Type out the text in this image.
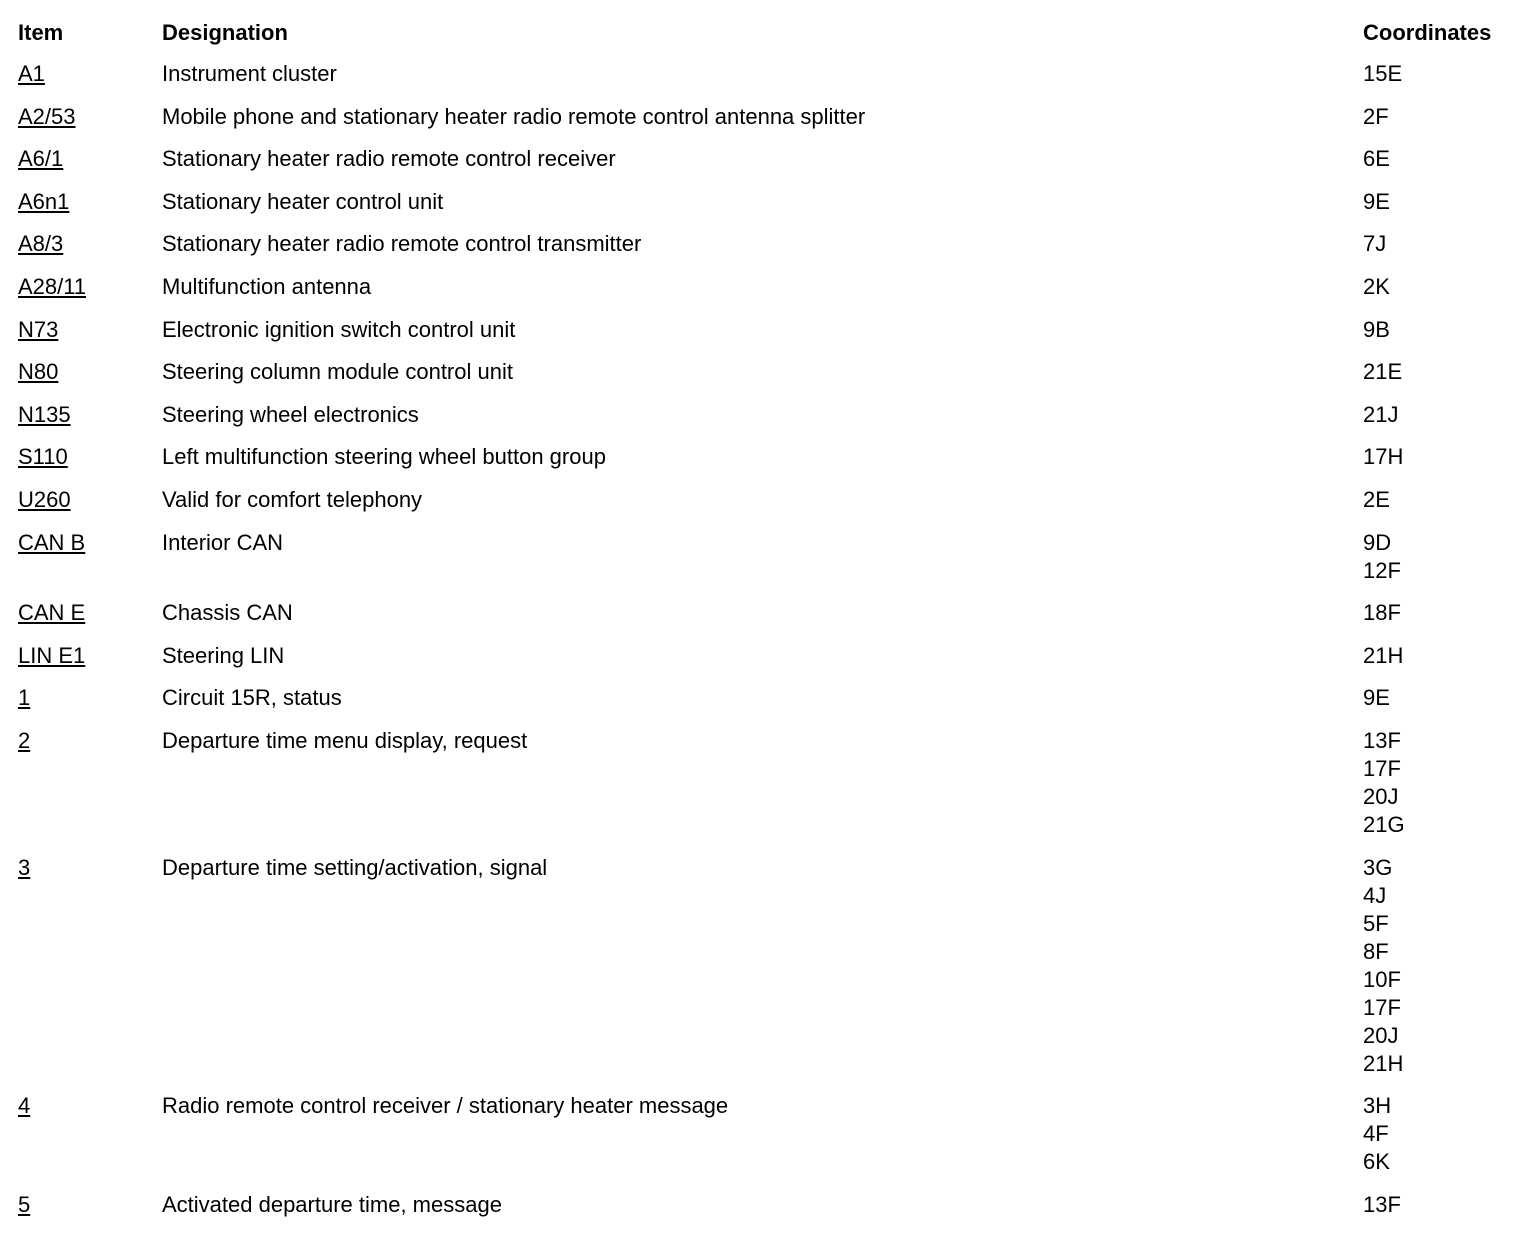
Item	Designation	Coordinates
A1	Instrument cluster	15E
A2/53	Mobile phone and stationary heater radio remote control antenna splitter	2F
A6/1	Stationary heater radio remote control receiver	6E
A6n1	Stationary heater control unit	9E
A8/3	Stationary heater radio remote control transmitter	7J
A28/11	Multifunction antenna	2K
N73	Electronic ignition switch control unit	9B
N80	Steering column module control unit	21E
N135	Steering wheel electronics	21J
S110	Left multifunction steering wheel button group	17H
U260	Valid for comfort telephony	2E
CAN B	Interior CAN	9D
12F
CAN E	Chassis CAN	18F
LIN E1	Steering LIN	21H
1	Circuit 15R, status	9E
2	Departure time menu display, request	13F
17F
20J
21G
3	Departure time setting/activation, signal	3G
4J
5F
8F
10F
17F
20J
21H
4	Radio remote control receiver / stationary heater message	3H
4F
6K
5	Activated departure time, message	13F
